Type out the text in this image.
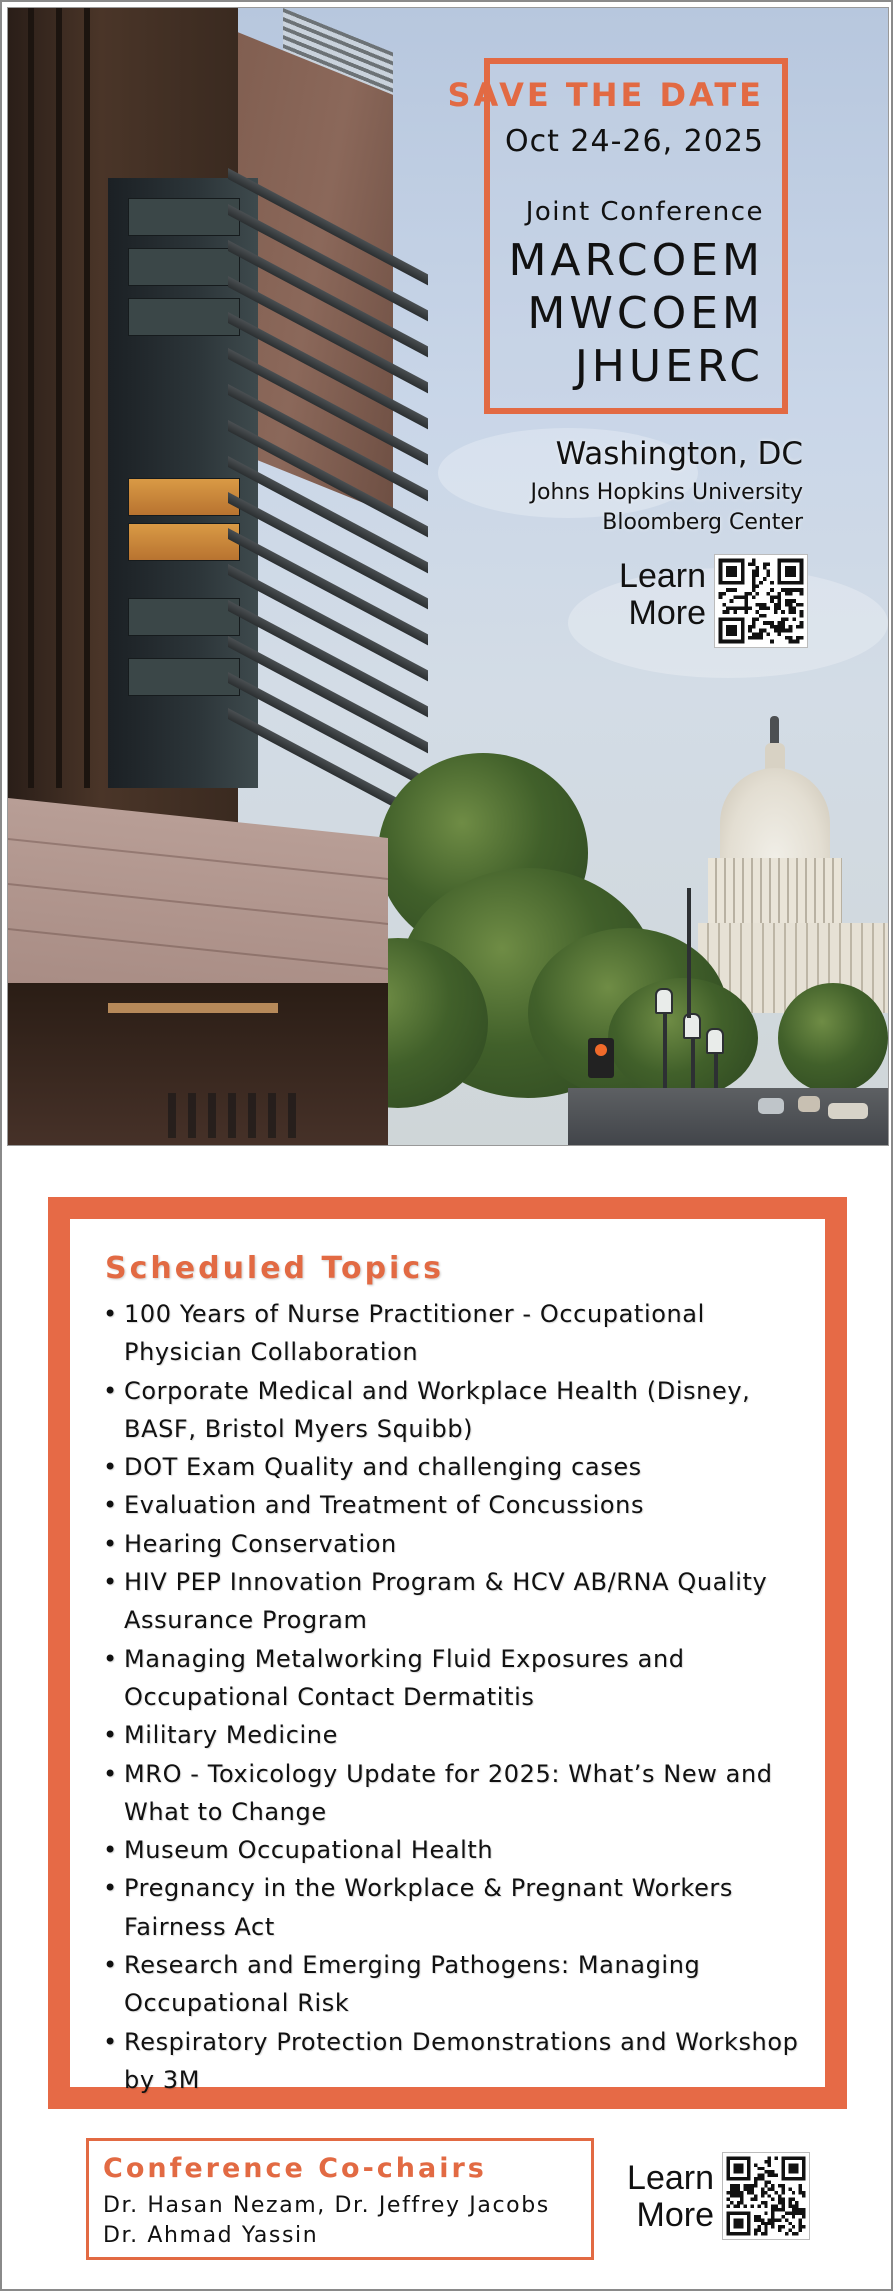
SAVE THE DATE
Oct 24-26, 2025
Joint Conference
MARCOEM
MWCOEM
JHUERC
Washington, DC
Johns Hopkins University
Bloomberg Center
Learn
More
Scheduled Topics
• 100 Years of Nurse Practitioner - Occupational
Physician Collaboration
• Corporate Medical and Workplace Health (Disney,
BASF, Bristol Myers Squibb)
• DOT Exam Quality and challenging cases
• Evaluation and Treatment of Concussions
• Hearing Conservation
• HIV PEP Innovation Program & HCV AB/RNA Quality
Assurance Program
• Managing Metalworking Fluid Exposures and
Occupational Contact Dermatitis
• Military Medicine
• MRO - Toxicology Update for 2025: What’s New and
What to Change
• Museum Occupational Health
• Pregnancy in the Workplace & Pregnant Workers
Fairness Act
• Research and Emerging Pathogens: Managing
Occupational Risk
• Respiratory Protection Demonstrations and Workshop
by 3M
Conference Co-chairs
Dr. Hasan Nezam, Dr. Jeffrey Jacobs
Dr. Ahmad Yassin
Learn
More
